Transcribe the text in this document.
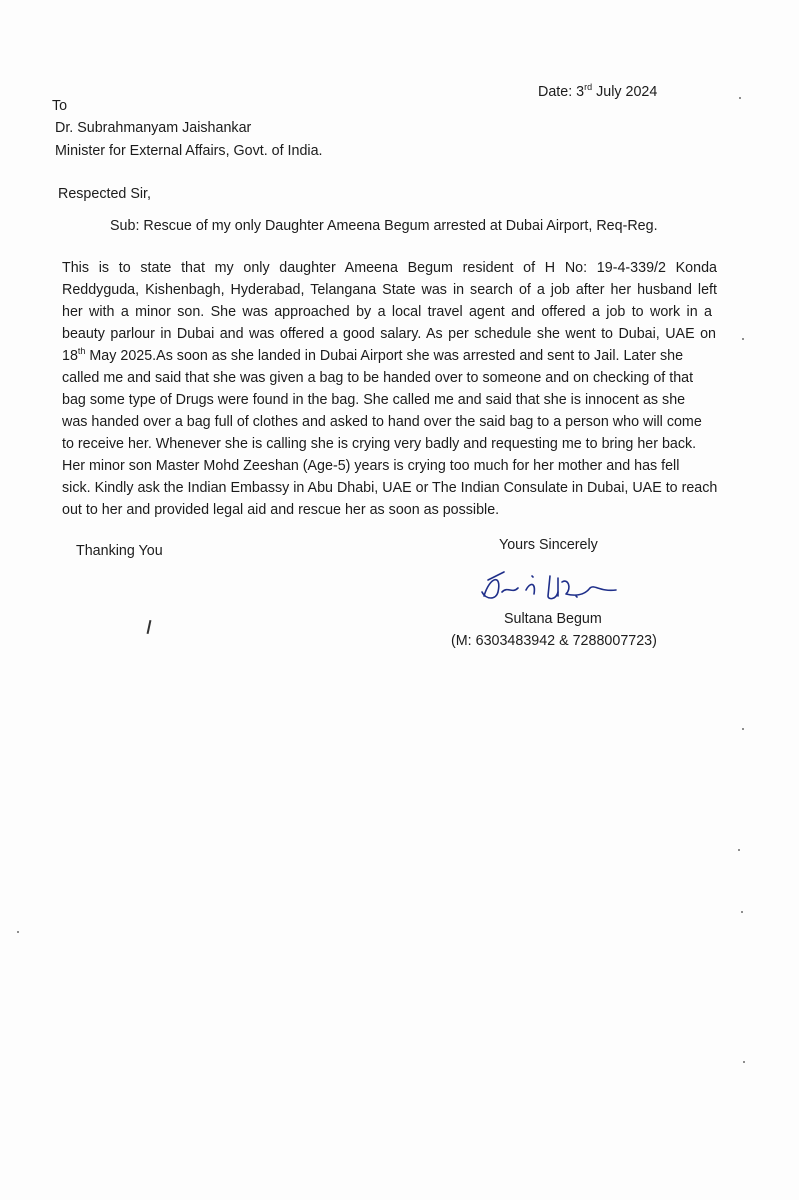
Date: 3rd July 2024
To
Dr. Subrahmanyam Jaishankar
Minister for External Affairs, Govt. of India.
Respected Sir,
Sub: Rescue of my only Daughter Ameena Begum arrested at Dubai Airport, Req-Reg.
This is to state that my only daughter Ameena Begum resident of H No: 19-4-339/2 Konda
Reddyguda, Kishenbagh, Hyderabad, Telangana State was in search of a job after her husband left
her with a minor son. She was approached by a local travel agent and offered a job to work in a
beauty parlour in Dubai and was offered a good salary. As per schedule she went to Dubai, UAE on
18th May 2025.As soon as she landed in Dubai Airport she was arrested and sent to Jail. Later she
called me and said that she was given a bag to be handed over to someone and on checking of that
bag some type of Drugs were found in the bag. She called me and said that she is innocent as she
was handed over a bag full of clothes and asked to hand over the said bag to a person who will come
to receive her. Whenever she is calling she is crying very badly and requesting me to bring her back.
Her minor son Master Mohd Zeeshan (Age-5) years is crying too much for her mother and has fell
sick. Kindly ask the Indian Embassy in Abu Dhabi, UAE or The Indian Consulate in Dubai, UAE to reach
out to her and provided legal aid and rescue her as soon as possible.
Thanking You	Yours Sincerely
Sultana Begum
(M: 6303483942 & 7288007723)
